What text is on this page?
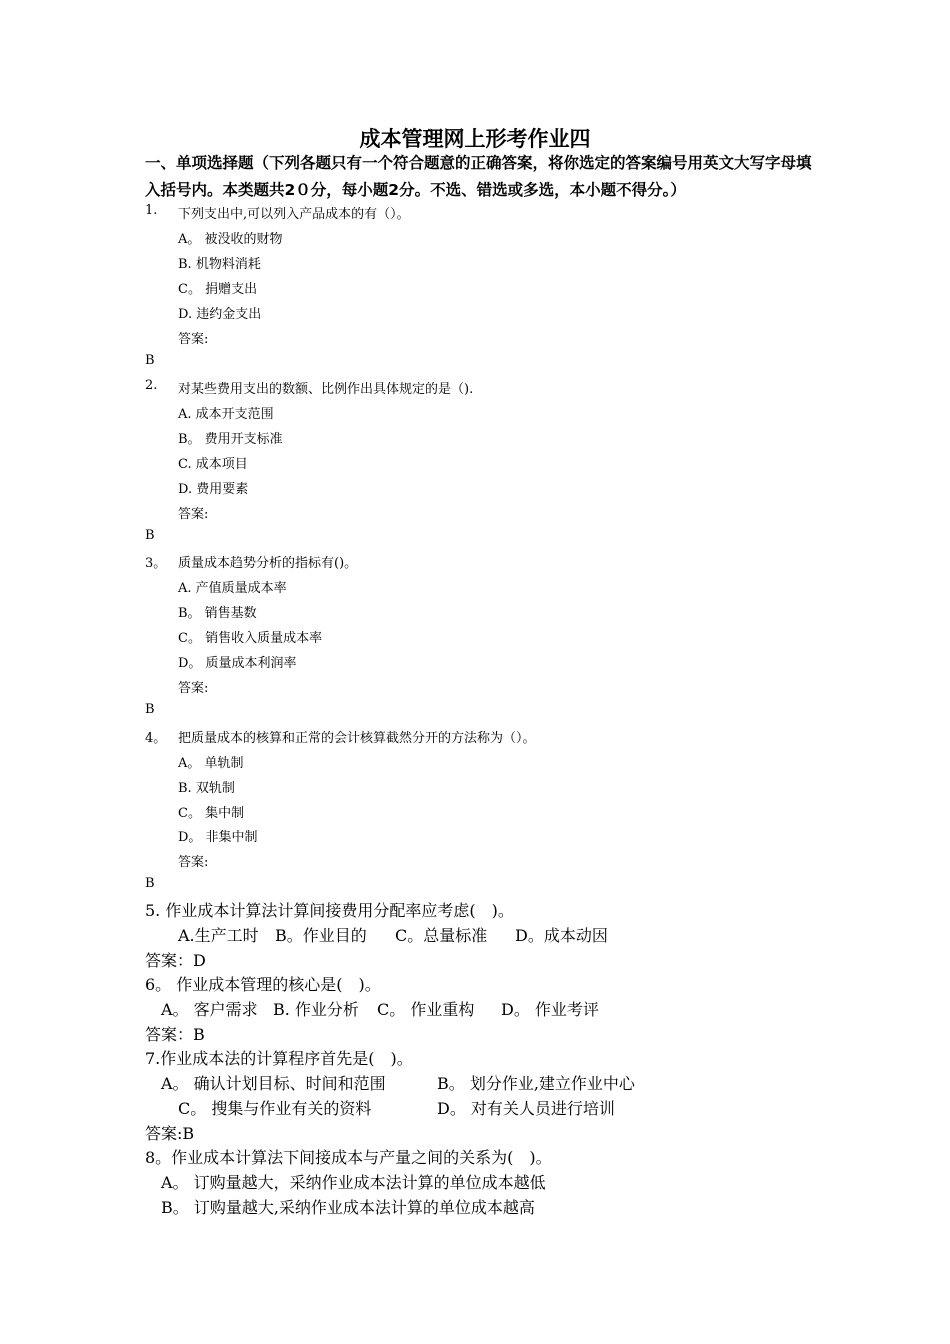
成本管理网上形考作业四
一、单项选择题（下列各题只有一个符合题意的正确答案，将你选定的答案编号用英文大写字母填入括号内。本类题共2０分，每小题2分。不选、错选或多选，本小题不得分。）
1. 下列支出中,可以列入产品成本的有（）。
A。 被没收的财物
B. 机物料消耗
C。 捐赠支出
D. 违约金支出
答案:
B
2. 对某些费用支出的数额、比例作出具体规定的是（).
A. 成本开支范围
B。 费用开支标准
C. 成本项目
D. 费用要素
答案:
B
3。 质量成本趋势分析的指标有()。
A. 产值质量成本率
B。 销售基数
C。 销售收入质量成本率
D。 质量成本利润率
答案:
B
4。 把质量成本的核算和正常的会计核算截然分开的方法称为（）。
A。 单轨制
B. 双轨制
C。 集中制
D。 非集中制
答案:
B
5. 作业成本计算法计算间接费用分配率应考虑(　)。
A.生产工时 B。作业目的 C。总量标准 D。成本动因
答案：D
6。 作业成本管理的核心是(　)。
A。 客户需求 B. 作业分析 C。 作业重构 D。 作业考评
答案：B
7.作业成本法的计算程序首先是(　)。
A。 确认计划目标、时间和范围	B。 划分作业,建立作业中心
C。 搜集与作业有关的资料	D。 对有关人员进行培训
答案:B
8。作业成本计算法下间接成本与产量之间的关系为(　)。
A。 订购量越大，采纳作业成本法计算的单位成本越低
B。 订购量越大,采纳作业成本法计算的单位成本越高
